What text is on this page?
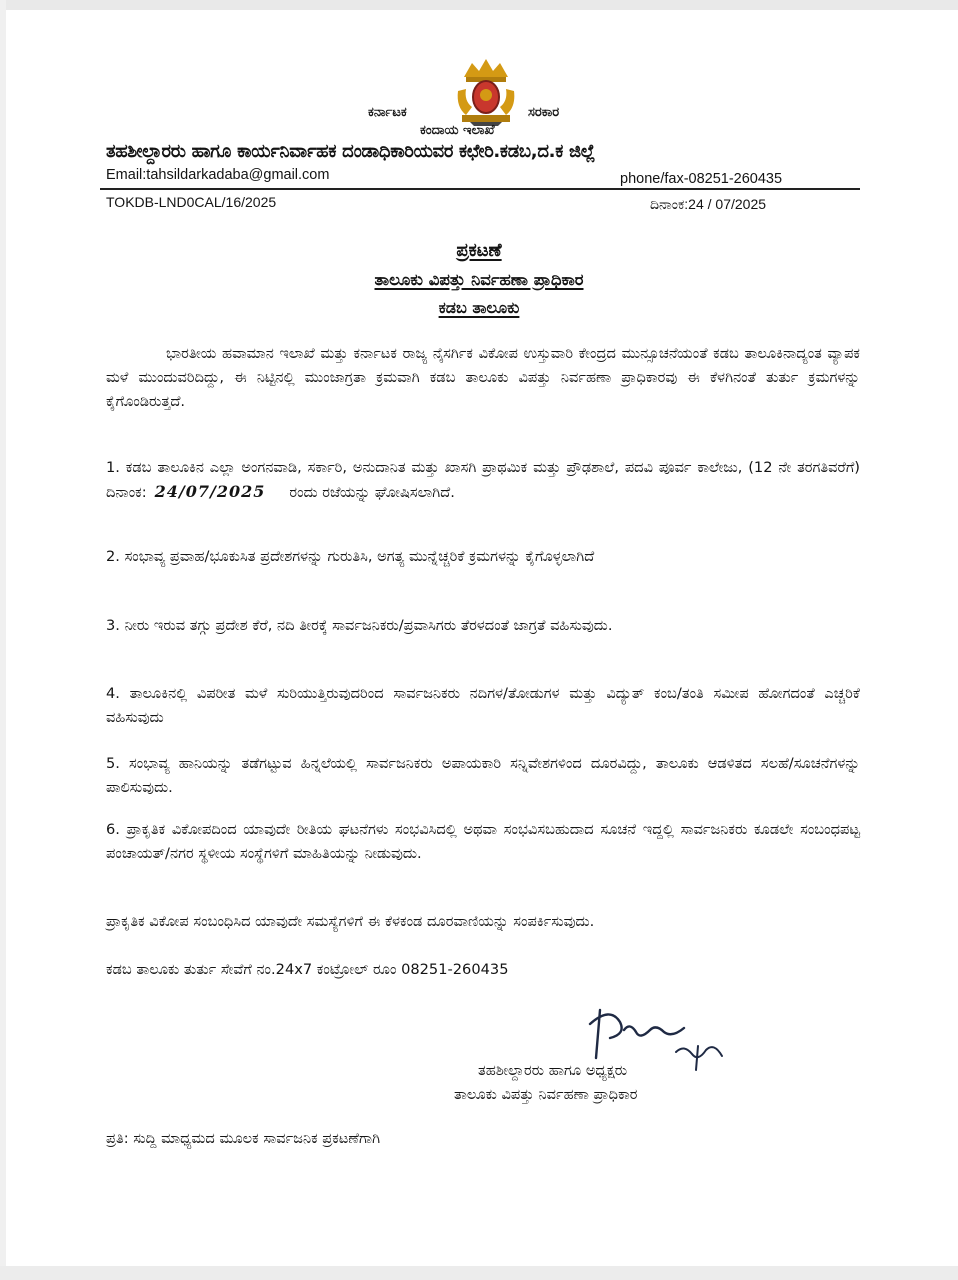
ಕರ್ನಾಟಕ	ಸರಕಾರ
ಕಂದಾಯ ಇಲಾಖೆ
ತಹಶೀಲ್ದಾರರು ಹಾಗೂ ಕಾರ್ಯನಿರ್ವಾಹಕ ದಂಡಾಧಿಕಾರಿಯವರ ಕಛೇರಿ.ಕಡಬ,ದ.ಕ ಜಿಲ್ಲೆ
Email:tahsildarkadaba@gmail.com	phone/fax-08251-260435
TOKDB-LND0CAL/16/2025	ದಿನಾಂಕ:24 / 07/2025
ಪ್ರಕಟಣೆ
ತಾಲೂಕು ವಿಪತ್ತು ನಿರ್ವಹಣಾ ಪ್ರಾಧಿಕಾರ
ಕಡಬ ತಾಲೂಕು
ಭಾರತೀಯ ಹವಾಮಾನ ಇಲಾಖೆ ಮತ್ತು ಕರ್ನಾಟಕ ರಾಜ್ಯ ನೈಸರ್ಗಿಕ ವಿಕೋಪ ಉಸ್ತುವಾರಿ ಕೇಂದ್ರದ ಮುನ್ಸೂಚನೆಯಂತೆ ಕಡಬ ತಾಲೂಕಿನಾದ್ಯಂತ ವ್ಯಾಪಕ ಮಳೆ ಮುಂದುವರಿದಿದ್ದು, ಈ ನಿಟ್ಟಿನಲ್ಲಿ ಮುಂಜಾಗ್ರತಾ ಕ್ರಮವಾಗಿ ಕಡಬ ತಾಲೂಕು ವಿಪತ್ತು ನಿರ್ವಹಣಾ ಪ್ರಾಧಿಕಾರವು ಈ ಕೆಳಗಿನಂತೆ ತುರ್ತು ಕ್ರಮಗಳನ್ನು ಕೈಗೊಂಡಿರುತ್ತದೆ.
1. ಕಡಬ ತಾಲೂಕಿನ ಎಲ್ಲಾ ಅಂಗನವಾಡಿ, ಸರ್ಕಾರಿ, ಅನುದಾನಿತ ಮತ್ತು ಖಾಸಗಿ ಪ್ರಾಥಮಿಕ ಮತ್ತು ಪ್ರೌಢಶಾಲೆ, ಪದವಿ ಪೂರ್ವ ಕಾಲೇಜು, (12 ನೇ ತರಗತಿವರೆಗೆ) ದಿನಾಂಕ: 24/07/2025 ರಂದು ರಜೆಯನ್ನು ಘೋಷಿಸಲಾಗಿದೆ.
2. ಸಂಭಾವ್ಯ ಪ್ರವಾಹ/ಭೂಕುಸಿತ ಪ್ರದೇಶಗಳನ್ನು ಗುರುತಿಸಿ, ಅಗತ್ಯ ಮುನ್ನೆಚ್ಚರಿಕೆ ಕ್ರಮಗಳನ್ನು ಕೈಗೊಳ್ಳಲಾಗಿದೆ
3. ನೀರು ಇರುವ ತಗ್ಗು ಪ್ರದೇಶ ಕೆರೆ, ನದಿ ತೀರಕ್ಕೆ ಸಾರ್ವಜನಿಕರು/ಪ್ರವಾಸಿಗರು ತೆರಳದಂತೆ ಜಾಗ್ರತೆ ವಹಿಸುವುದು.
4. ತಾಲೂಕಿನಲ್ಲಿ ವಿಪರೀತ ಮಳೆ ಸುರಿಯುತ್ತಿರುವುದರಿಂದ ಸಾರ್ವಜನಿಕರು ನದಿಗಳ/ತೋಡುಗಳ ಮತ್ತು ವಿದ್ಯುತ್ ಕಂಬ/ತಂತಿ ಸಮೀಪ ಹೋಗದಂತೆ ಎಚ್ಚರಿಕೆ ವಹಿಸುವುದು
5. ಸಂಭಾವ್ಯ ಹಾನಿಯನ್ನು ತಡೆಗಟ್ಟುವ ಹಿನ್ನಲೆಯಲ್ಲಿ ಸಾರ್ವಜನಿಕರು ಅಪಾಯಕಾರಿ ಸನ್ನಿವೇಶಗಳಿಂದ ದೂರವಿದ್ದು, ತಾಲೂಕು ಆಡಳಿತದ ಸಲಹೆ/ಸೂಚನೆಗಳನ್ನು ಪಾಲಿಸುವುದು.
6. ಪ್ರಾಕೃತಿಕ ವಿಕೋಪದಿಂದ ಯಾವುದೇ ರೀತಿಯ ಘಟನೆಗಳು ಸಂಭವಿಸಿದಲ್ಲಿ ಅಥವಾ ಸಂಭವಿಸಬಹುದಾದ ಸೂಚನೆ ಇದ್ದಲ್ಲಿ ಸಾರ್ವಜನಿಕರು ಕೂಡಲೇ ಸಂಬಂಧಪಟ್ಟ ಪಂಚಾಯತ್/ನಗರ ಸ್ಥಳೀಯ ಸಂಸ್ಥೆಗಳಿಗೆ ಮಾಹಿತಿಯನ್ನು ನೀಡುವುದು.
ಪ್ರಾಕೃತಿಕ ವಿಕೋಪ ಸಂಬಂಧಿಸಿದ ಯಾವುದೇ ಸಮಸ್ಯೆಗಳಿಗೆ ಈ ಕೆಳಕಂಡ ದೂರವಾಣಿಯನ್ನು ಸಂಪರ್ಕಿಸುವುದು.
ಕಡಬ ತಾಲೂಕು ತುರ್ತು ಸೇವೆಗೆ ನಂ.24x7 ಕಂಟ್ರೋಲ್ ರೂಂ 08251-260435
ತಹಶೀಲ್ದಾರರು ಹಾಗೂ ಅಧ್ಯಕ್ಷರು
ತಾಲೂಕು ವಿಪತ್ತು ನಿರ್ವಹಣಾ ಪ್ರಾಧಿಕಾರ
ಪ್ರತಿ: ಸುದ್ದಿ ಮಾಧ್ಯಮದ ಮೂಲಕ ಸಾರ್ವಜನಿಕ ಪ್ರಕಟಣೆಗಾಗಿ
